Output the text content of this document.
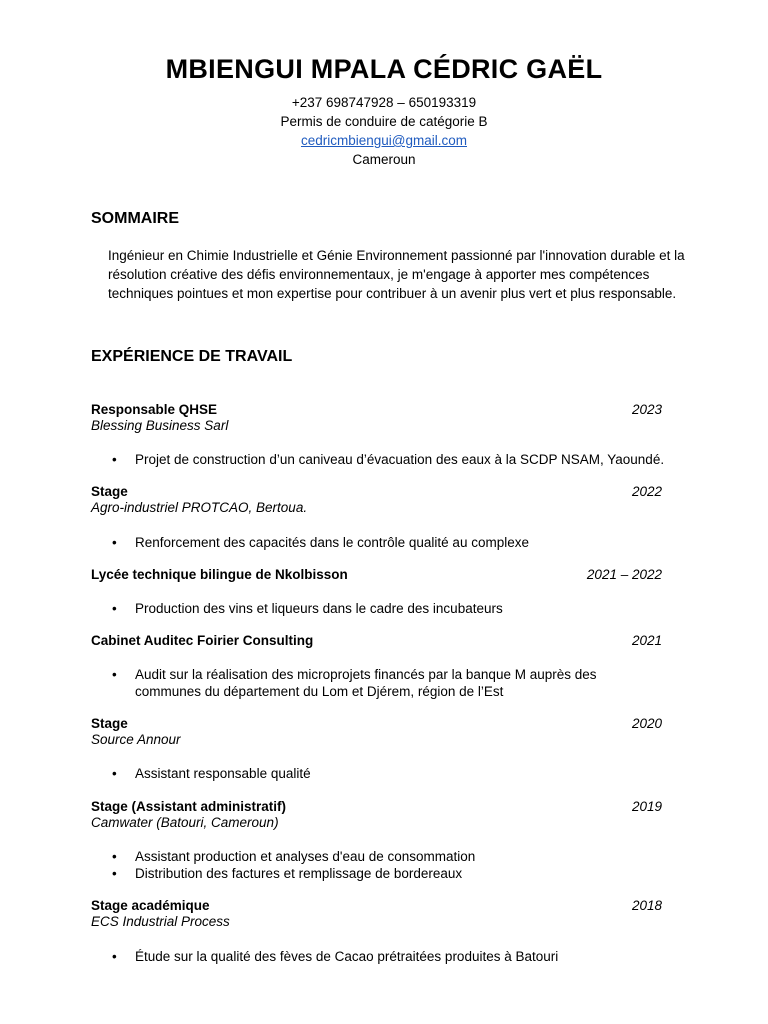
MBIENGUI MPALA CÉDRIC GAËL
+237 698747928 – 650193319
Permis de conduire de catégorie B
cedricmbiengui@gmail.com
Cameroun
SOMMAIRE
Ingénieur en Chimie Industrielle et Génie Environnement passionné par l'innovation durable et la résolution créative des défis environnementaux, je m'engage à apporter mes compétences techniques pointues et mon expertise pour contribuer à un avenir plus vert et plus responsable.
EXPÉRIENCE DE TRAVAIL
Responsable QHSE	2023
Blessing Business Sarl
• Projet de construction d’un caniveau d’évacuation des eaux à la SCDP NSAM, Yaoundé.
Stage	2022
Agro-industriel PROTCAO, Bertoua.
• Renforcement des capacités dans le contrôle qualité au complexe
Lycée technique bilingue de Nkolbisson	2021 – 2022
• Production des vins et liqueurs dans le cadre des incubateurs
Cabinet Auditec Foirier Consulting	2021
• Audit sur la réalisation des microprojets financés par la banque M auprès des communes du département du Lom et Djérem, région de l’Est
Stage	2020
Source Annour
• Assistant responsable qualité
Stage (Assistant administratif)	2019
Camwater (Batouri, Cameroun)
• Assistant production et analyses d'eau de consommation
• Distribution des factures et remplissage de bordereaux
Stage académique	2018
ECS Industrial Process
• Étude sur la qualité des fèves de Cacao prétraitées produites à Batouri
